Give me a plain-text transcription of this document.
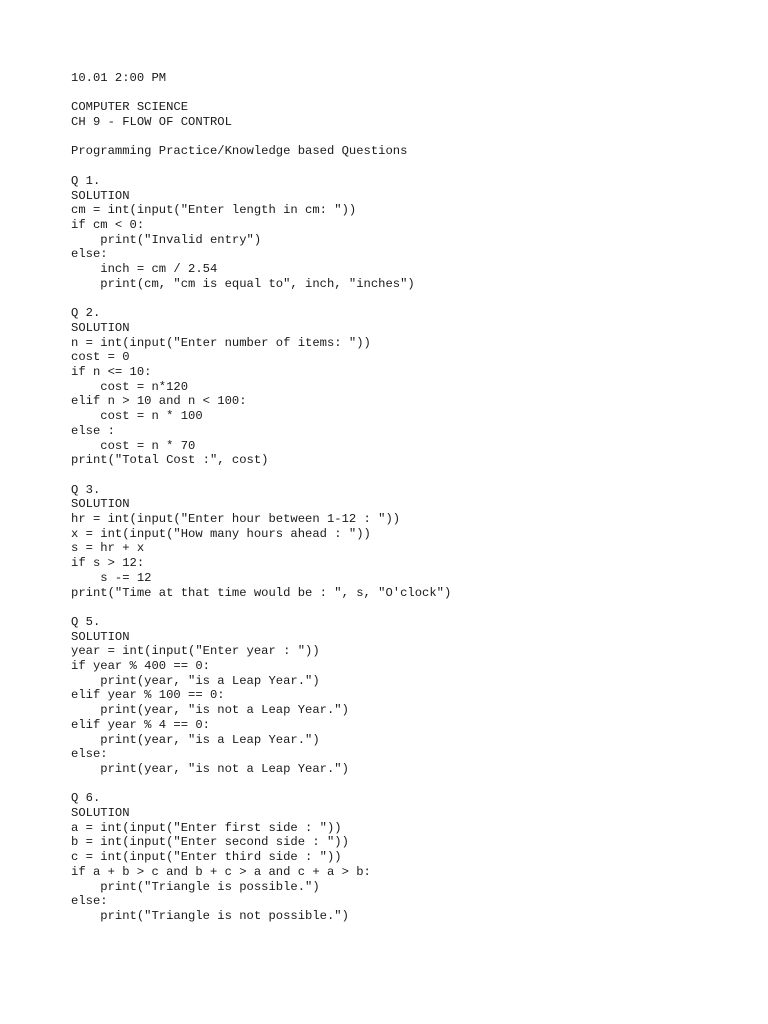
10.01 2:00 PM
COMPUTER SCIENCE
CH 9 - FLOW OF CONTROL
Programming Practice/Knowledge based Questions
Q 1.
SOLUTION
cm = int(input("Enter length in cm: "))
if cm < 0:
print("Invalid entry")
else:
inch = cm / 2.54
print(cm, "cm is equal to", inch, "inches")
Q 2.
SOLUTION
n = int(input("Enter number of items: "))
cost = 0
if n <= 10:
cost = n*120
elif n > 10 and n < 100:
cost = n * 100
else :
cost = n * 70
print("Total Cost :", cost)
Q 3.
SOLUTION
hr = int(input("Enter hour between 1-12 : "))
x = int(input("How many hours ahead : "))
s = hr + x
if s > 12:
s -= 12
print("Time at that time would be : ", s, "O'clock")
Q 5.
SOLUTION
year = int(input("Enter year : "))
if year % 400 == 0:
print(year, "is a Leap Year.")
elif year % 100 == 0:
print(year, "is not a Leap Year.")
elif year % 4 == 0:
print(year, "is a Leap Year.")
else:
print(year, "is not a Leap Year.")
Q 6.
SOLUTION
a = int(input("Enter first side : "))
b = int(input("Enter second side : "))
c = int(input("Enter third side : "))
if a + b > c and b + c > a and c + a > b:
print("Triangle is possible.")
else:
print("Triangle is not possible.")
